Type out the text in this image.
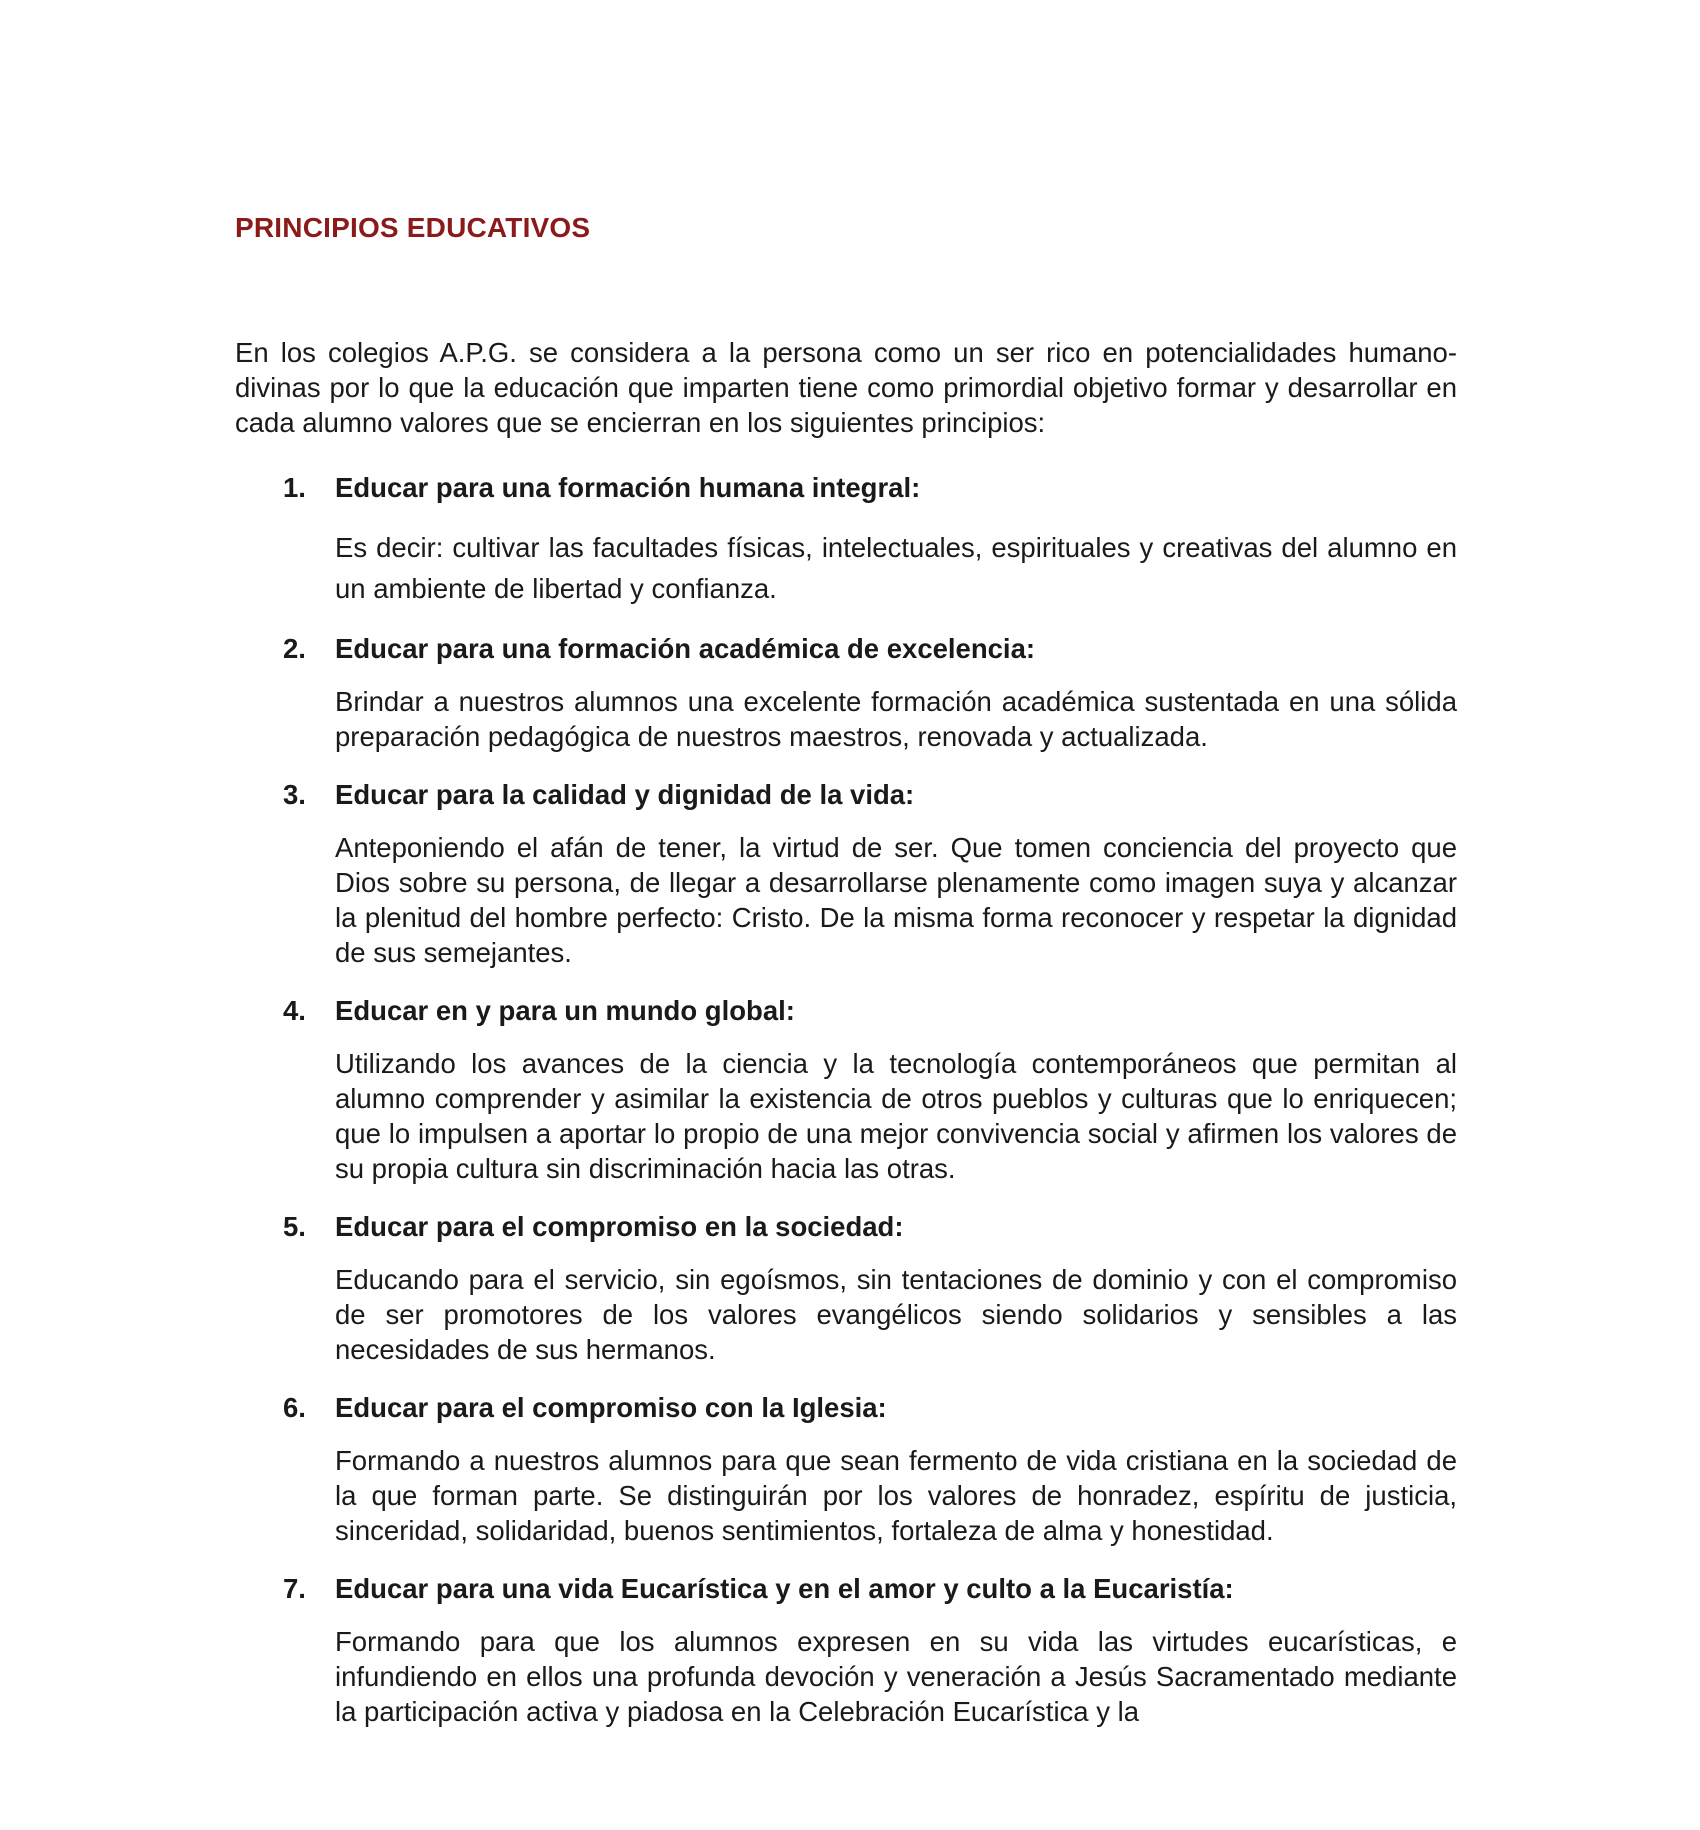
PRINCIPIOS EDUCATIVOS

En los colegios A.P.G. se considera a la persona como un ser rico en potencialidades humano-divinas por lo que la educación que imparten tiene como primordial objetivo formar y desarrollar en cada alumno valores que se encierran en los siguientes principios:

1. Educar para una formación humana integral:

Es decir: cultivar las facultades físicas, intelectuales, espirituales y creativas del alumno en un ambiente de libertad y confianza.

2. Educar para una formación académica de excelencia:

Brindar a nuestros alumnos una excelente formación académica sustentada en una sólida preparación pedagógica de nuestros maestros, renovada y actualizada.

3. Educar para la calidad y dignidad de la vida:

Anteponiendo el afán de tener, la virtud de ser. Que tomen conciencia del proyecto que Dios sobre su persona, de llegar a desarrollarse plenamente como imagen suya y alcanzar la plenitud del hombre perfecto: Cristo. De la misma forma reconocer y respetar la dignidad de sus semejantes.

4. Educar en y para un mundo global:

Utilizando los avances de la ciencia y la tecnología contemporáneos que permitan al alumno comprender y asimilar la existencia de otros pueblos y culturas que lo enriquecen; que lo impulsen a aportar lo propio de una mejor convivencia social y afirmen los valores de su propia cultura sin discriminación hacia las otras.

5. Educar para el compromiso en la sociedad:

Educando para el servicio, sin egoísmos, sin tentaciones de dominio y con el compromiso de ser promotores de los valores evangélicos siendo solidarios y sensibles a las necesidades de sus hermanos.

6. Educar para el compromiso con la Iglesia:

Formando a nuestros alumnos para que sean fermento de vida cristiana en la sociedad de la que forman parte. Se distinguirán por los valores de honradez, espíritu de justicia, sinceridad, solidaridad, buenos sentimientos, fortaleza de alma y honestidad.

7. Educar para una vida Eucarística y en el amor y culto a la Eucaristía:

Formando para que los alumnos expresen en su vida las virtudes eucarísticas, e infundiendo en ellos una profunda devoción y veneración a Jesús Sacramentado mediante la participación activa y piadosa en la Celebración Eucarística y la
